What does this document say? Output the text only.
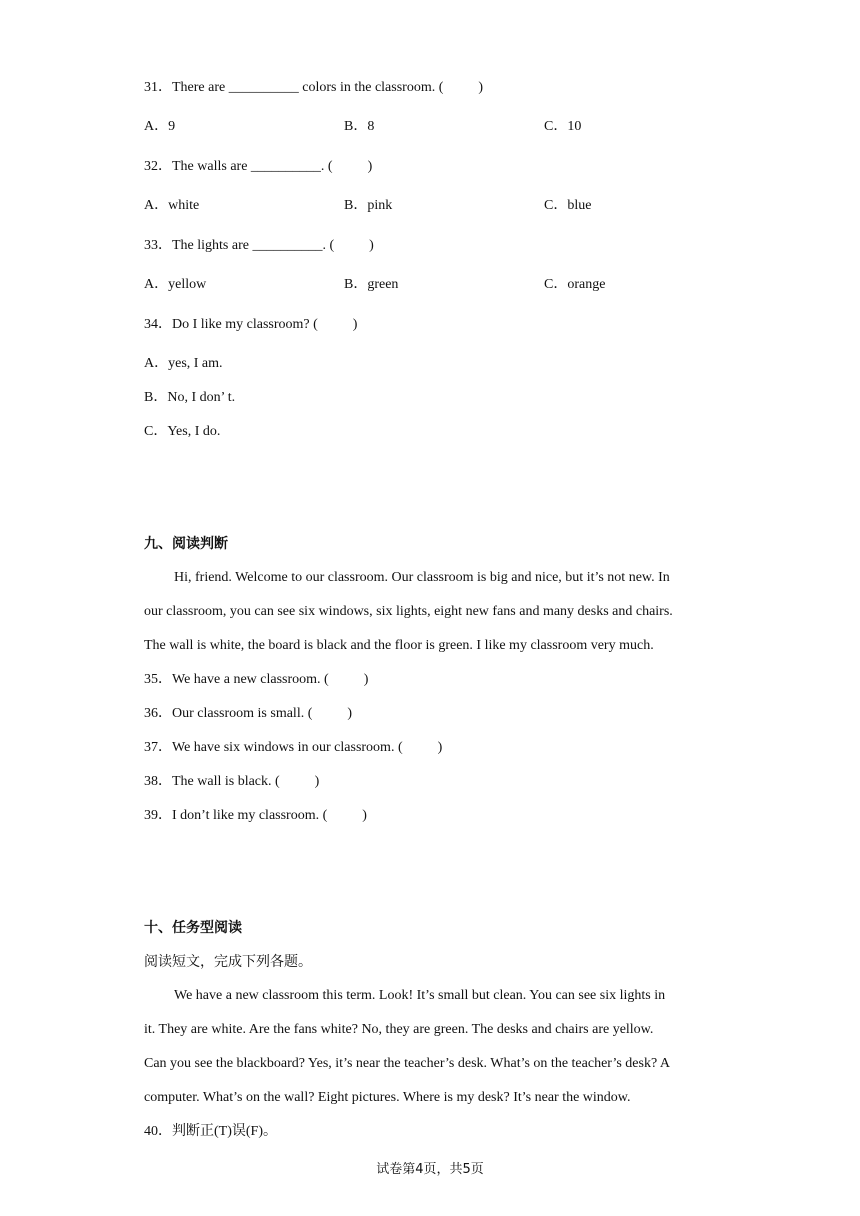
31．There are __________ colors in the classroom. (          )
A．9	B．8	C．10
32．The walls are __________. (          )
A．white	B．pink	C．blue
33．The lights are __________. (          )
A．yellow	B．green	C．orange
34．Do I like my classroom? (          )
A．yes, I am.
B．No, I don’ t.
C．Yes, I do.
九、阅读判断
Hi, friend. Welcome to our classroom. Our classroom is big and nice, but it’s not new. In
our classroom, you can see six windows, six lights, eight new fans and many desks and chairs.
The wall is white, the board is black and the floor is green. I like my classroom very much.
35．We have a new classroom. (          )
36．Our classroom is small. (          )
37．We have six windows in our classroom. (          )
38．The wall is black. (          )
39．I don’t like my classroom. (          )
十、任务型阅读
阅读短文，完成下列各题。
We have a new classroom this term. Look! It’s small but clean. You can see six lights in
it. They are white. Are the fans white? No, they are green. The desks and chairs are yellow.
Can you see the blackboard? Yes, it’s near the teacher’s desk. What’s on the teacher’s desk? A
computer. What’s on the wall? Eight pictures. Where is my desk? It’s near the window.
40．判断正(T)误(F)。
试卷第4页，共5页
